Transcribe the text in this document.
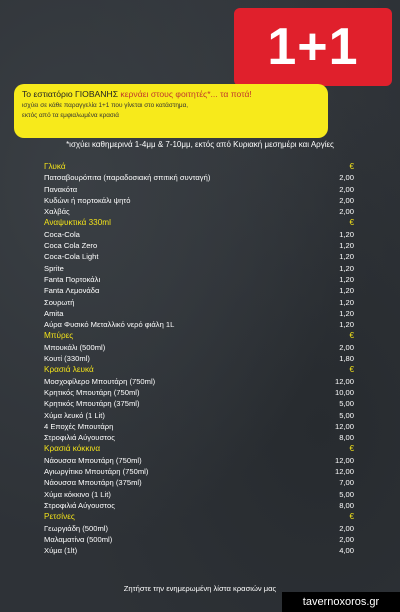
1+1
Το εστιατόριο ΓΙΟΒΑΝΗΣ κερνάει στους φοιτητές*... τα ποτά!
ισχύει σε κάθε παραγγελία 1+1 που γίνεται στο κατάστημα,
εκτός από τα εμφιαλωμένα κρασιά
*ισχύει καθημερινά 1-4μμ & 7-10μμ, εκτός από Κυριακή μεσημέρι και Αργίες
Γλυκά	€
Πατσαβουρόπιτα (παραδοσιακή σπιτική συνταγή)	2,00
Πανακότα	2,00
Κυδώνι ή πορτοκάλι ψητό	2,00
Χαλβάς	2,00
Αναψυκτικά 330ml	€
Coca-Cola	1,20
Coca Cola Zero	1,20
Coca-Cola Light	1,20
Sprite	1,20
Fanta Πορτοκάλι	1,20
Fanta Λεμονάδα	1,20
Σουρωτή	1,20
Amita	1,20
Αύρα Φυσικό Μεταλλικό νερό φιάλη 1L	1,20
Μπύρες	€
Μπουκάλι (500ml)	2,00
Κουτί (330ml)	1,80
Κρασιά λευκά	€
Μοσχοφίλερο Μπουτάρη (750ml)	12,00
Κρητικός Μπουτάρη (750ml)	10,00
Κρητικός Μπουτάρη (375ml)	5,00
Χύμα λευκό (1 Lit)	5,00
4 Εποχές Μπουτάρη	12,00
Στροφιλιά Αύγουστος	8,00
Κρασιά κόκκινα	€
Νάουσσα Μπουτάρη (750ml)	12,00
Αγιωργίτικο Μπουτάρη (750ml)	12,00
Νάουσσα Μπουτάρη (375ml)	7,00
Χύμα κόκκινο (1 Lit)	5,00
Στροφιλιά Αύγουστος	8,00
Ρετσίνες	€
Γεωργιάδη (500ml)	2,00
Μαλαματίνα (500ml)	2,00
Χύμα (1lt)	4,00
Ζητήστε την ενημερωμένη λίστα κρασιών μας
tavernoxoros.gr
